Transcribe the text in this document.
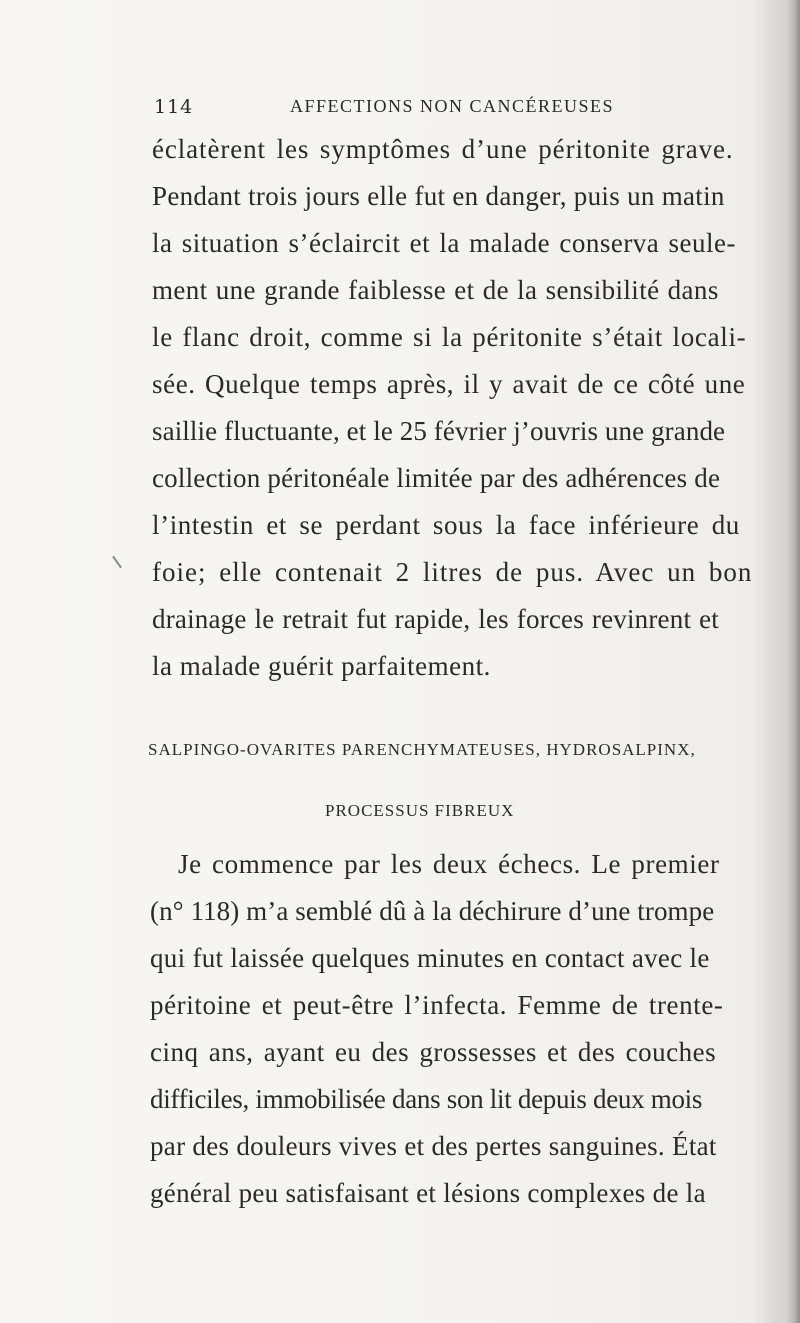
114	AFFECTIONS NON CANCÉREUSES
éclatèrent les symptômes d’une péritonite grave.
Pendant trois jours elle fut en danger, puis un matin
la situation s’éclaircit et la malade conserva seule-
ment une grande faiblesse et de la sensibilité dans
le flanc droit, comme si la péritonite s’était locali-
sée. Quelque temps après, il y avait de ce côté une
saillie fluctuante, et le 25 février j’ouvris une grande
collection péritonéale limitée par des adhérences de
l’intestin et se perdant sous la face inférieure du
foie; elle contenait 2 litres de pus. Avec un bon
drainage le retrait fut rapide, les forces revinrent et
la malade guérit parfaitement.
SALPINGO-OVARITES PARENCHYMATEUSES, HYDROSALPINX,
PROCESSUS FIBREUX
Je commence par les deux échecs. Le premier
(n° 118) m’a semblé dû à la déchirure d’une trompe
qui fut laissée quelques minutes en contact avec le
péritoine et peut-être l’infecta. Femme de trente-
cinq ans, ayant eu des grossesses et des couches
difficiles, immobilisée dans son lit depuis deux mois
par des douleurs vives et des pertes sanguines. État
général peu satisfaisant et lésions complexes de la
